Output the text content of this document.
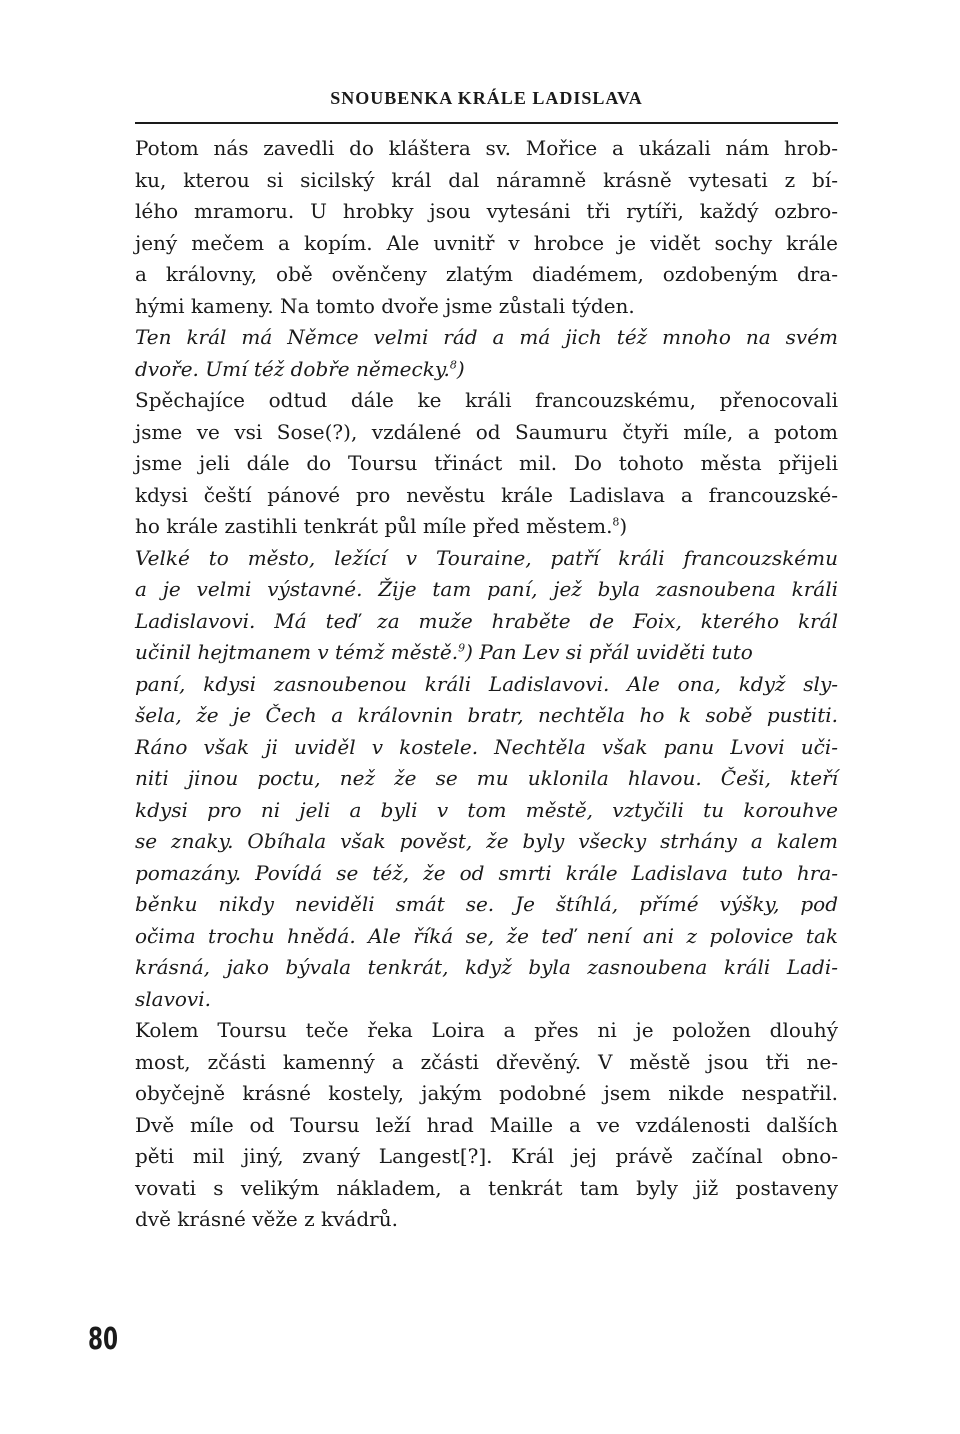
SNOUBENKA KRÁLE LADISLAVA
Potom nás zavedli do kláštera sv. Mořice a ukázali nám hrob-
ku, kterou si sicilský král dal náramně krásně vytesati z bí-
lého mramoru. U hrobky jsou vytesáni tři rytíři, každý ozbro-
jený mečem a kopím. Ale uvnitř v hrobce je vidět sochy krále
a královny, obě ověnčeny zlatým diadémem, ozdobeným dra-
hými kameny. Na tomto dvoře jsme zůstali týden.
Ten král má Němce velmi rád a má jich též mnoho na svém
dvoře. Umí též dobře německy.$^8$)
Spěchajíce odtud dále ke králi francouzskému, přenocovali
jsme ve vsi Sose(?), vzdálené od Saumuru čtyři míle, a potom
jsme jeli dále do Toursu třináct mil. Do tohoto města přijeli
kdysi čeští pánové pro nevěstu krále Ladislava a francouzské-
ho krále zastihli tenkrát půl míle před městem.$^8$)
Velké to město, ležící v Touraine, patří králi francouzskému
a je velmi výstavné. Žije tam paní, jež byla zasnoubena králi
Ladislavovi. Má teď za muže hraběte de Foix, kterého král
učinil hejtmanem v témž městě.$^9$) Pan Lev si přál uviděti tuto
paní, kdysi zasnoubenou králi Ladislavovi. Ale ona, když sly-
šela, že je Čech a královnin bratr, nechtěla ho k sobě pustiti.
Ráno však ji uviděl v kostele. Nechtěla však panu Lvovi uči-
niti jinou poctu, než že se mu uklonila hlavou. Češi, kteří
kdysi pro ni jeli a byli v tom městě, vztyčili tu korouhve
se znaky. Obíhala však pověst, že byly všecky strhány a kalem
pomazány. Povídá se též, že od smrti krále Ladislava tuto hra-
běnku nikdy neviděli smát se. Je štíhlá, přímé výšky, pod
očima trochu hnědá. Ale říká se, že teď není ani z polovice tak
krásná, jako bývala tenkrát, když byla zasnoubena králi Ladi-
slavovi.
Kolem Toursu teče řeka Loira a přes ni je položen dlouhý
most, zčásti kamenný a zčásti dřevěný. V městě jsou tři ne-
obyčejně krásné kostely, jakým podobné jsem nikde nespatřil.
Dvě míle od Toursu leží hrad Maille a ve vzdálenosti dalších
pěti mil jiný, zvaný Langest[?]. Král jej právě začínal obno-
vovati s velikým nákladem, a tenkrát tam byly již postaveny
dvě krásné věže z kvádrů.
80
